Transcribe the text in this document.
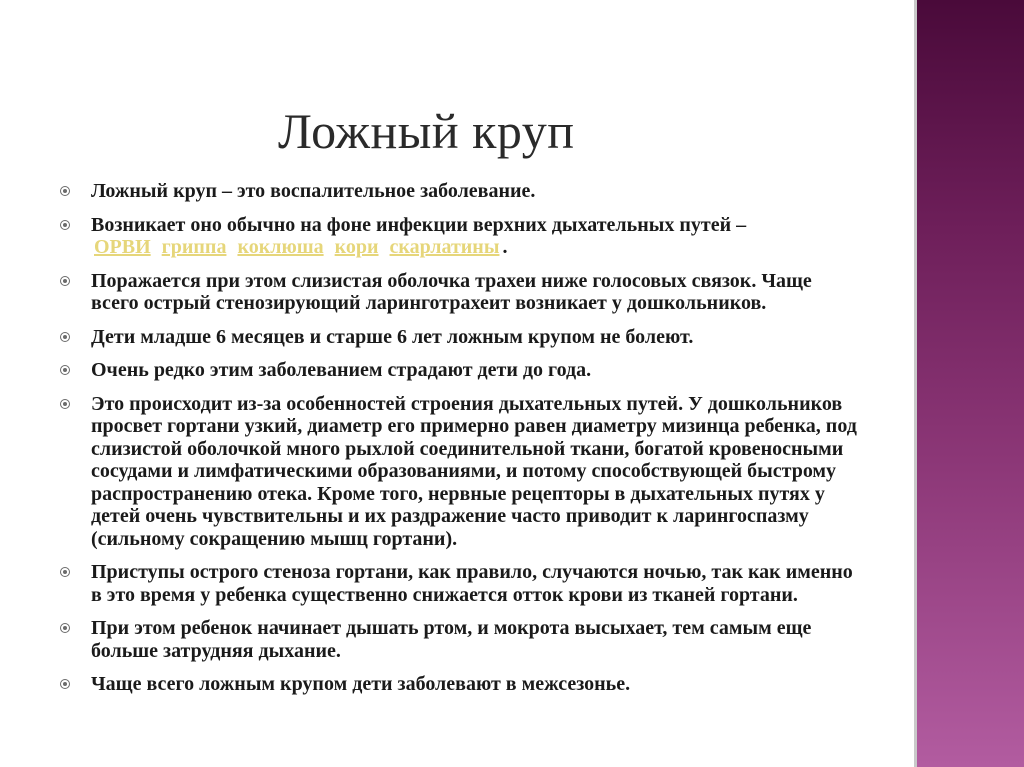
Ложный круп
Ложный круп – это воспалительное заболевание.
Возникает оно обычно на фоне инфекции верхних дыхательных путей –
ОРВИ гриппа коклюша кори скарлатины .
Поражается при этом слизистая оболочка трахеи ниже голосовых связок. Чаще всего острый стенозирующий ларинготрахеит возникает у дошкольников.
Дети младше 6 месяцев и старше 6 лет ложным крупом не болеют.
Очень редко этим заболеванием страдают дети до года.
Это происходит из-за особенностей строения дыхательных путей. У дошкольников просвет гортани узкий, диаметр его примерно равен диаметру мизинца ребенка, под слизистой оболочкой много рыхлой соединительной ткани, богатой кровеносными сосудами и лимфатическими образованиями, и потому способствующей быстрому распространению отека. Кроме того, нервные рецепторы в дыхательных путях у детей очень чувствительны и их раздражение часто приводит к ларингоспазму (сильному сокращению мышц гортани).
Приступы острого стеноза гортани, как правило, случаются ночью, так как именно в это время у ребенка существенно снижается отток крови из тканей гортани.
При этом ребенок начинает дышать ртом, и мокрота высыхает, тем самым еще больше затрудняя дыхание.
Чаще всего ложным крупом дети заболевают в межсезонье.
